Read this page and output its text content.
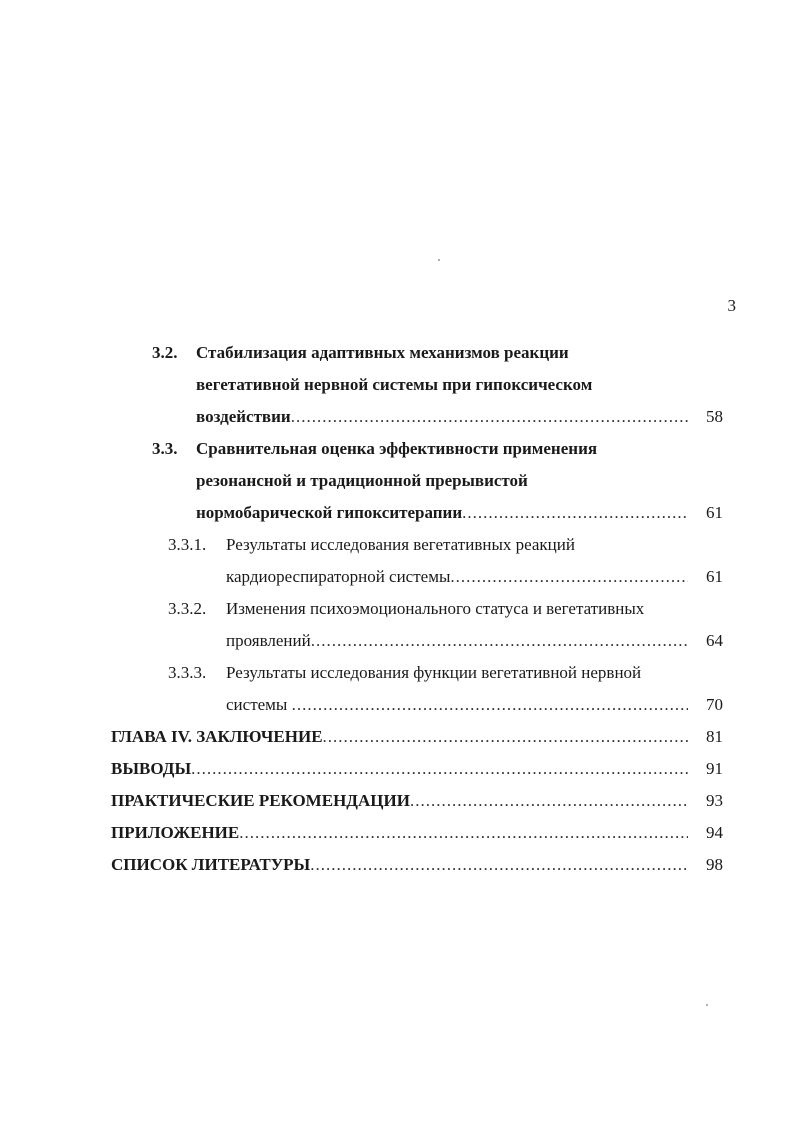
3
3.2. Стабилизация адаптивных механизмов реакции
вегетативной нервной системы при гипоксическом
воздействии .....	58
3.3. Сравнительная оценка эффективности применения
резонансной и традиционной прерывистой
нормобарической гипокситерапии .....	61
3.3.1. Результаты исследования вегетативных реакций
кардиореспираторной системы .....	61
3.3.2. Изменения психоэмоционального статуса и вегетативных
проявлений .....	64
3.3.3. Результаты исследования функции вегетативной нервной
системы .....	70
ГЛАВА IV. ЗАКЛЮЧЕНИЕ .....	81
ВЫВОДЫ .....	91
ПРАКТИЧЕСКИЕ РЕКОМЕНДАЦИИ .....	93
ПРИЛОЖЕНИЕ .....	94
СПИСОК ЛИТЕРАТУРЫ .....	98
